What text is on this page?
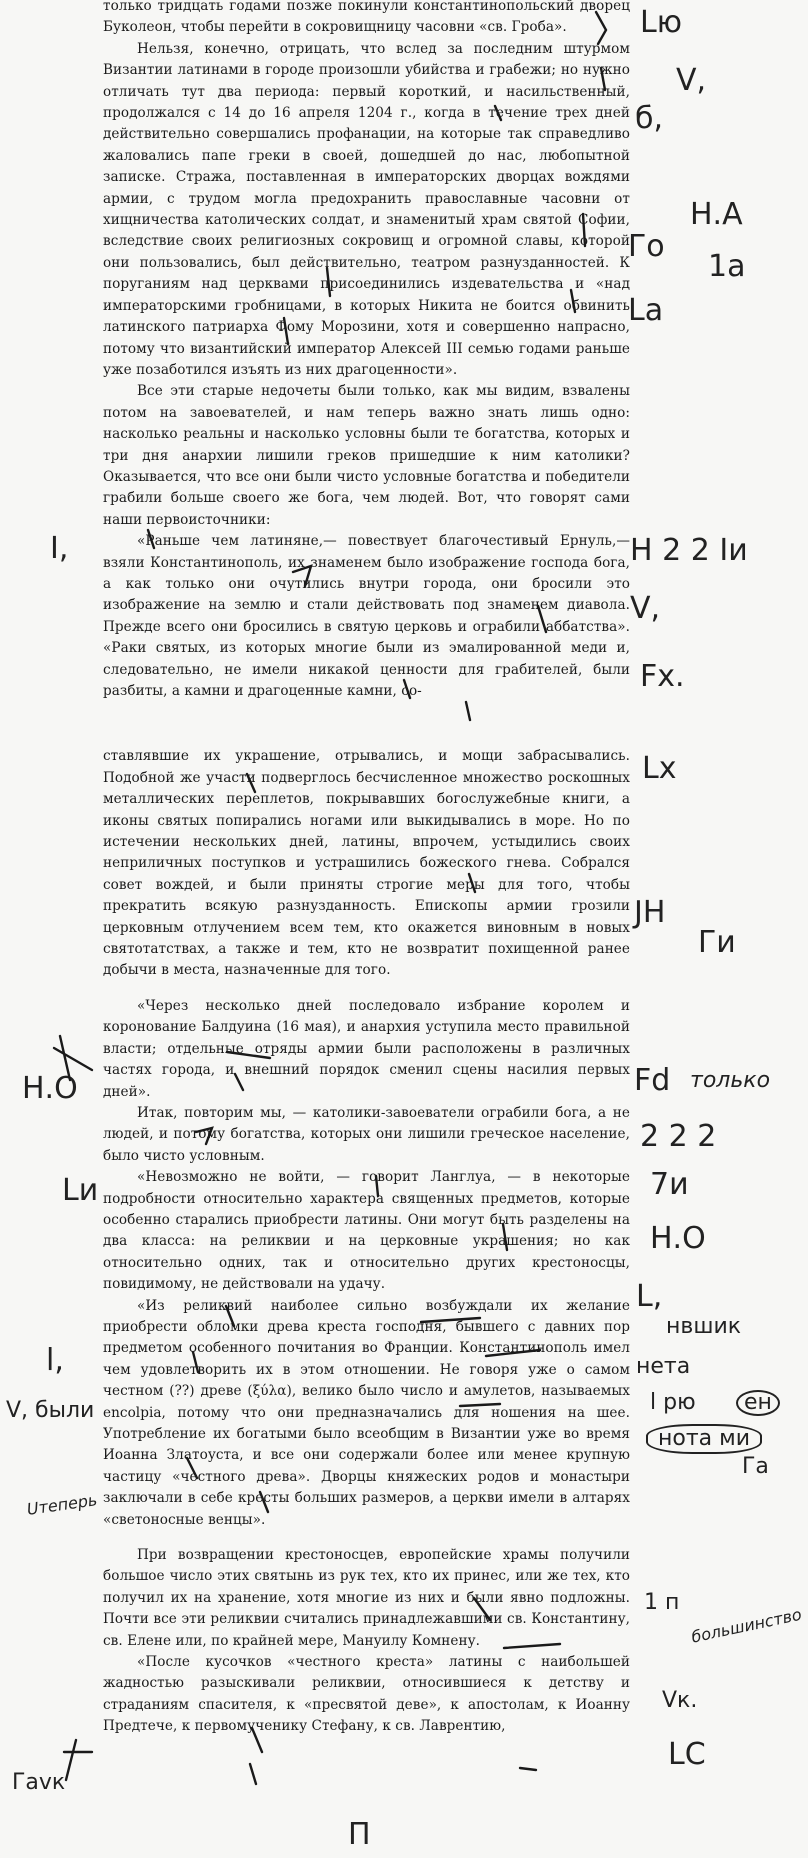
только тридцать годами позже покинули константинопольский дворец Буколеон, чтобы перейти в сокровищницу часовни «св. Гроба».

Нельзя, конечно, отрицать, что вслед за последним штурмом Византии латинами в городе произошли убийства и грабежи; но нужно отличать тут два периода: первый короткий, и насильственный, продолжался с 14 до 16 апреля 1204 г., когда в течение трех дней действительно совершались профанации, на которые так справедливо жаловались папе греки в своей, дошедшей до нас, любопытной записке. Стража, поставленная в императорских дворцах вождями армии, с трудом могла предохранить православные часовни от хищничества католических солдат, и знаменитый храм святой Софии, вследствие своих религиозных сокровищ и огромной славы, которой они пользовались, был действительно, театром разнузданностей. К поруганиям над церквами присоединились издевательства и «над императорскими гробницами, в которых Никита не боится обвинить латинского патриарха Фому Морозини, хотя и совершенно напрасно, потому что византийский император Алексей III семью годами раньше уже позаботился изъять из них драгоценности».

Все эти старые недочеты были только, как мы видим, взвалены потом на завоевателей, и нам теперь важно знать лишь одно: насколько реальны и насколько условны были те богатства, которых и три дня анархии лишили греков пришедшие к ним католики? Оказывается, что все они были чисто условные богатства и победители грабили больше своего же бога, чем людей. Вот, что говорят сами наши первоисточники:

«Раньше чем латиняне,— повествует благочестивый Ернуль,— взяли Константинополь, их знаменем было изображение господа бога, а как только они очутились внутри города, они бросили это изображение на землю и стали действовать под знаменем диавола. Прежде всего они бросились в святую церковь и ограбили аббатства». «Раки святых, из которых многие были из эмалированной меди и, следовательно, не имели никакой ценности для грабителей, были разбиты, а камни и драгоценные камни, со-

ставлявшие их украшение, отрывались, и мощи забрасывались. Подобной же участи подверглось бесчисленное множество роскошных металлических переплетов, покрывавших богослужебные книги, а иконы святых попирались ногами или выкидывались в море. Но по истечении нескольких дней, латины, впрочем, устыдились своих неприличных поступков и устрашились божеского гнева. Собрался совет вождей, и были приняты строгие меры для того, чтобы прекратить всякую разнузданность. Епископы армии грозили церковным отлучением всем тем, кто окажется виновным в новых святотатствах, а также и тем, кто не возвратит похищенной ранее добычи в места, назначенные для того.

«Через несколько дней последовало избрание королем и коронование Балдуина (16 мая), и анархия уступила место правильной власти; отдельные отряды армии были расположены в различных частях города, и внешний порядок сменил сцены насилия первых дней».

Итак, повторим мы, — католики-завоеватели ограбили бога, а не людей, и потому богатства, которых они лишили греческое население, было чисто условным.

«Невозможно не войти, — говорит Ланглуа, — в некоторые подробности относительно характера священных предметов, которые особенно старались приобрести латины. Они могут быть разделены на два класса: на реликвии и на церковные украшения; но как относительно одних, так и относительно других крестоносцы, повидимому, не действовали на удачу.

«Из реликвий наиболее сильно возбуждали их желание приобрести обломки древа креста господня, бывшего с давних пор предметом особенного почитания во Франции. Константинополь имел чем удовлетворить их в этом отношении. Не говоря уже о самом честном (??) древе (ξύλα), велико было число и амулетов, называемых encolpia, потому что они предназначались для ношения на шее. Употребление их богатыми было всеобщим в Византии уже во время Иоанна Златоуста, и все они содержали более или менее крупную частицу «честного древа». Дворцы княжеских родов и монастыри заключали в себе кресты больших размеров, а церкви имели в алтарях «светоносные венцы».

При возвращении крестоносцев, европейские храмы получили большое число этих святынь из рук тех, кто их принес, или же тех, кто получил их на хранение, хотя многие из них и были явно подложны. Почти все эти реликвии считались принадлежавшими св. Константину, св. Елене или, по крайней мере, Мануилу Комнену.

«После кусочков «честного креста» латины с наибольшей жадностью разыскивали реликвии, относившиеся к детству и страданиям спасителя, к «пресвятой деве», к апостолам, к Иоанну Предтече, к первомученику Стефану, к св. Лаврентию,

Lю
V,
б,
Н.А
Го
1а
La
I,	Н 2 2 Iи
V,
Fx.
Lx
JH
Ги
Fd только
2 2 2
7и
Н.О
L,
Н.О
Lи
l,
нвшик
нета
l рю	ен
нота ми
Га
V, были
Uтеперь
1 п
большинство
Vк.
LC
Гаvк
П
